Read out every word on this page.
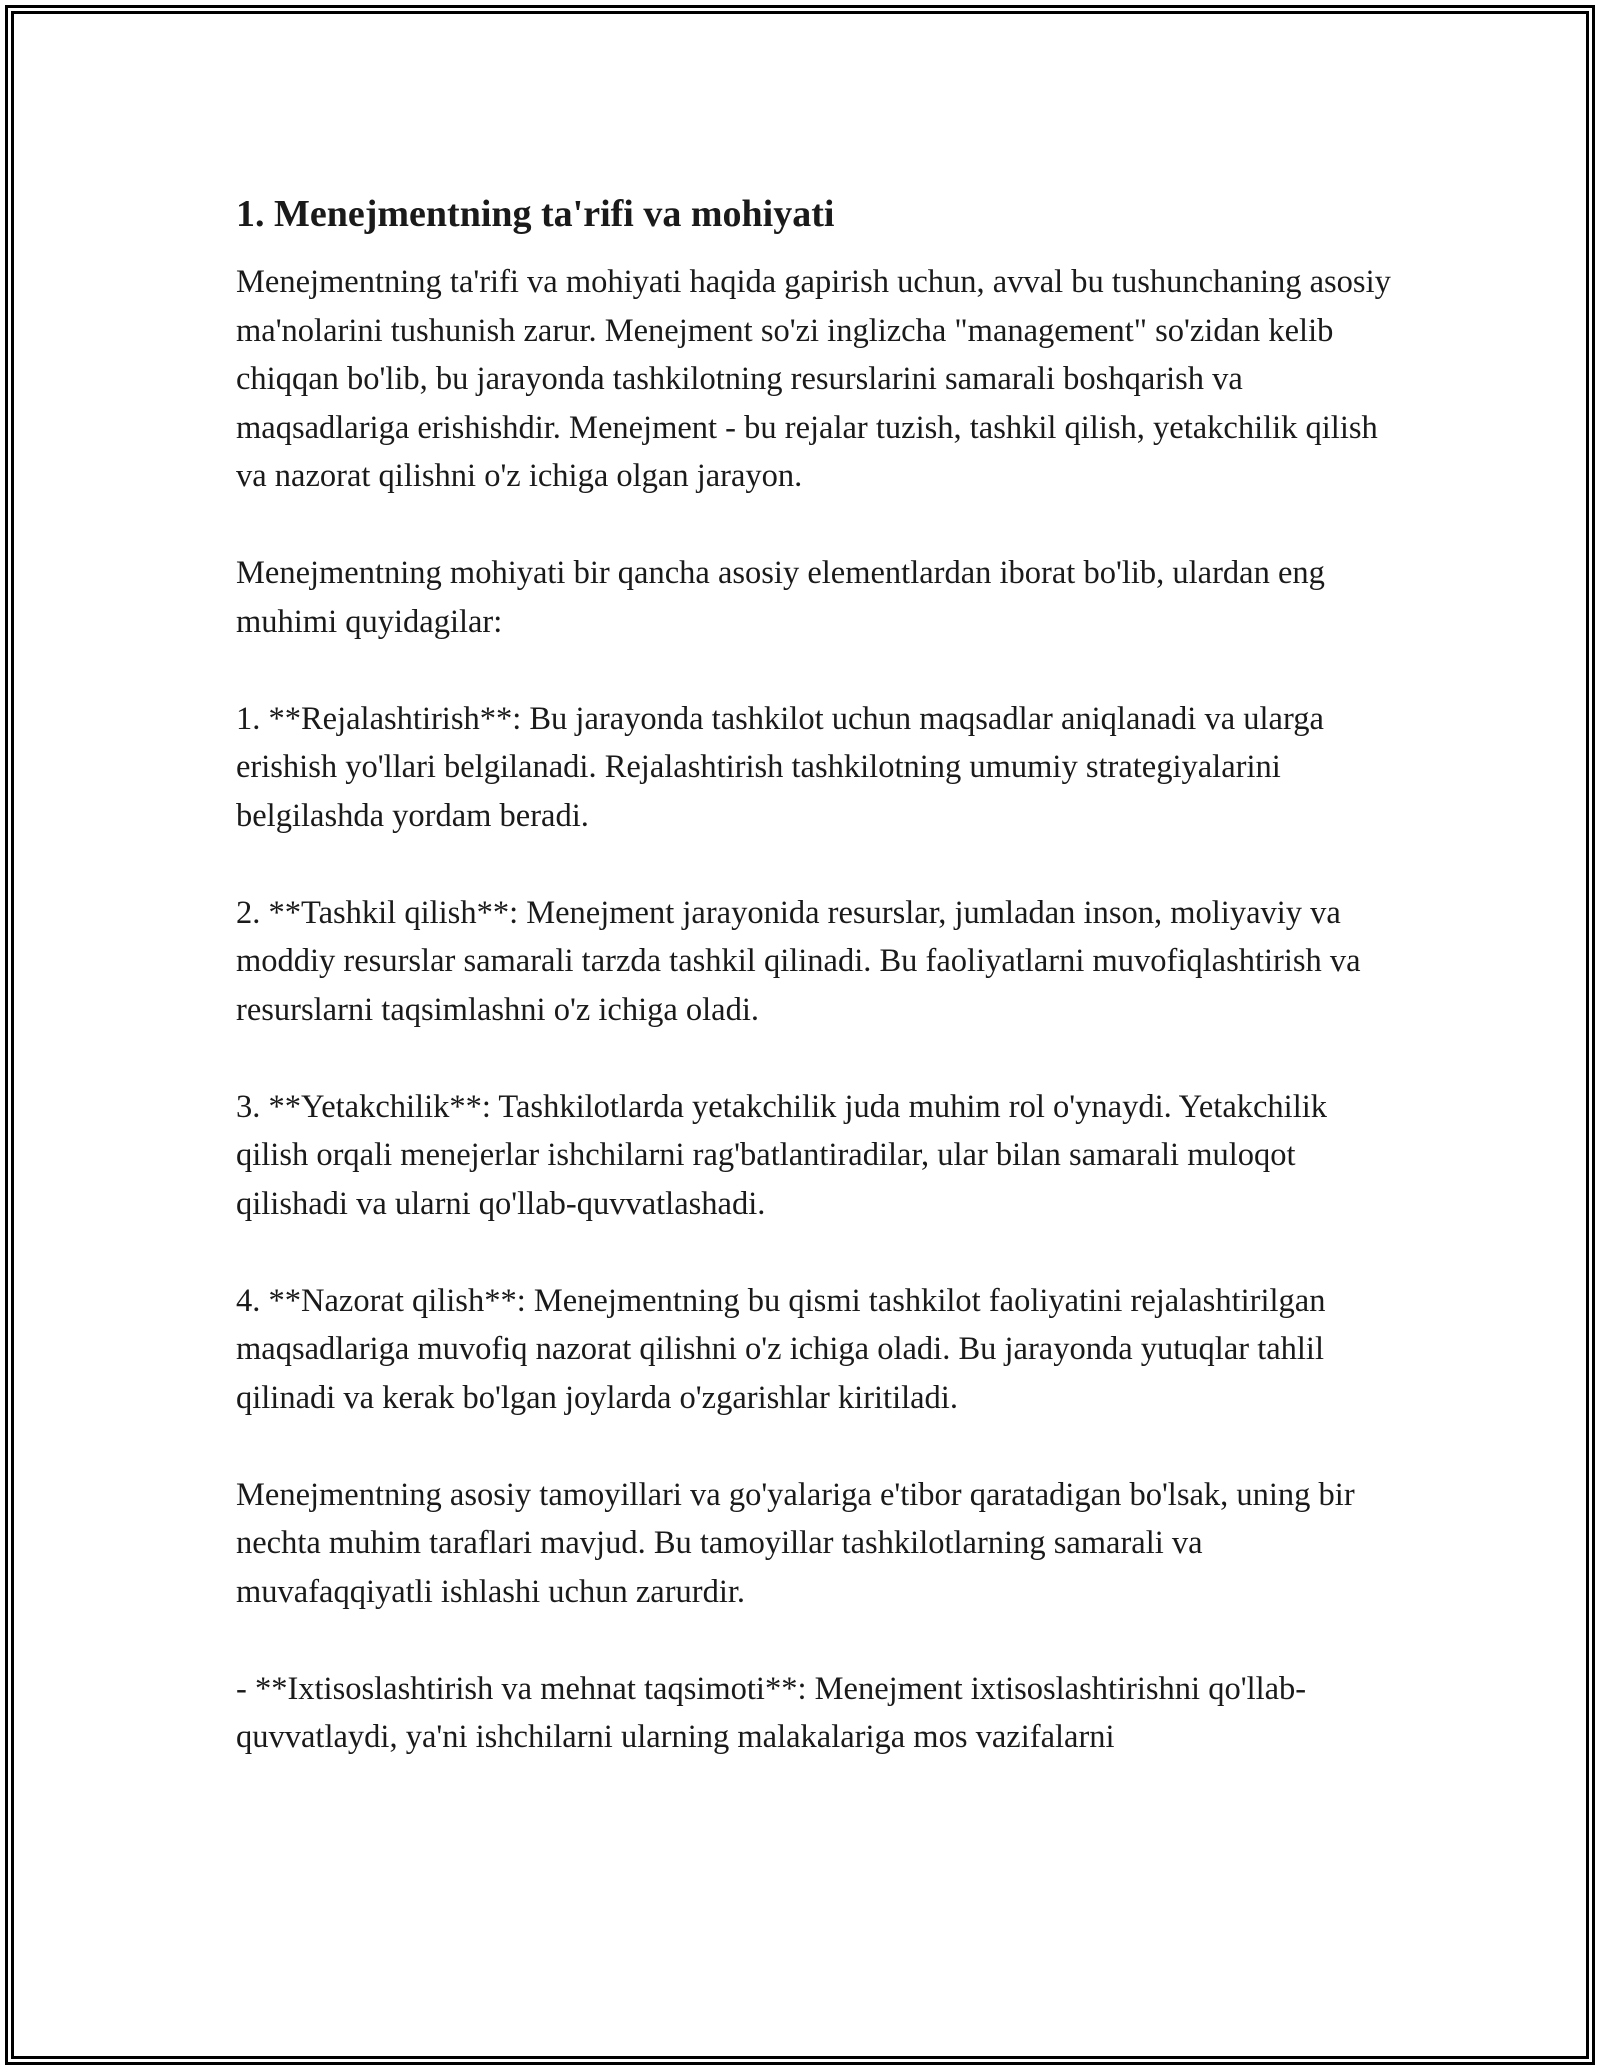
1. Menejmentning ta'rifi va mohiyati

Menejmentning ta'rifi va mohiyati haqida gapirish uchun, avval bu tushunchaning asosiy ma'nolarini tushunish zarur. Menejment so'zi inglizcha "management" so'zidan kelib chiqqan bo'lib, bu jarayonda tashkilotning resurslarini samarali boshqarish va maqsadlariga erishishdir. Menejment - bu rejalar tuzish, tashkil qilish, yetakchilik qilish va nazorat qilishni o'z ichiga olgan jarayon.

Menejmentning mohiyati bir qancha asosiy elementlardan iborat bo'lib, ulardan eng muhimi quyidagilar:

1. **Rejalashtirish**: Bu jarayonda tashkilot uchun maqsadlar aniqlanadi va ularga erishish yo'llari belgilanadi. Rejalashtirish tashkilotning umumiy strategiyalarini belgilashda yordam beradi.

2. **Tashkil qilish**: Menejment jarayonida resurslar, jumladan inson, moliyaviy va moddiy resurslar samarali tarzda tashkil qilinadi. Bu faoliyatlarni muvofiqlashtirish va resurslarni taqsimlashni o'z ichiga oladi.

3. **Yetakchilik**: Tashkilotlarda yetakchilik juda muhim rol o'ynaydi. Yetakchilik qilish orqali menejerlar ishchilarni rag'batlantiradilar, ular bilan samarali muloqot qilishadi va ularni qo'llab-quvvatlashadi.

4. **Nazorat qilish**: Menejmentning bu qismi tashkilot faoliyatini rejalashtirilgan maqsadlariga muvofiq nazorat qilishni o'z ichiga oladi. Bu jarayonda yutuqlar tahlil qilinadi va kerak bo'lgan joylarda o'zgarishlar kiritiladi.

Menejmentning asosiy tamoyillari va go'yalariga e'tibor qaratadigan bo'lsak, uning bir nechta muhim taraflari mavjud. Bu tamoyillar tashkilotlarning samarali va muvafaqqiyatli ishlashi uchun zarurdir.

- **Ixtisoslashtirish va mehnat taqsimoti**: Menejment ixtisoslashtirishni qo'llab-quvvatlaydi, ya'ni ishchilarni ularning malakalariga mos vazifalarni
